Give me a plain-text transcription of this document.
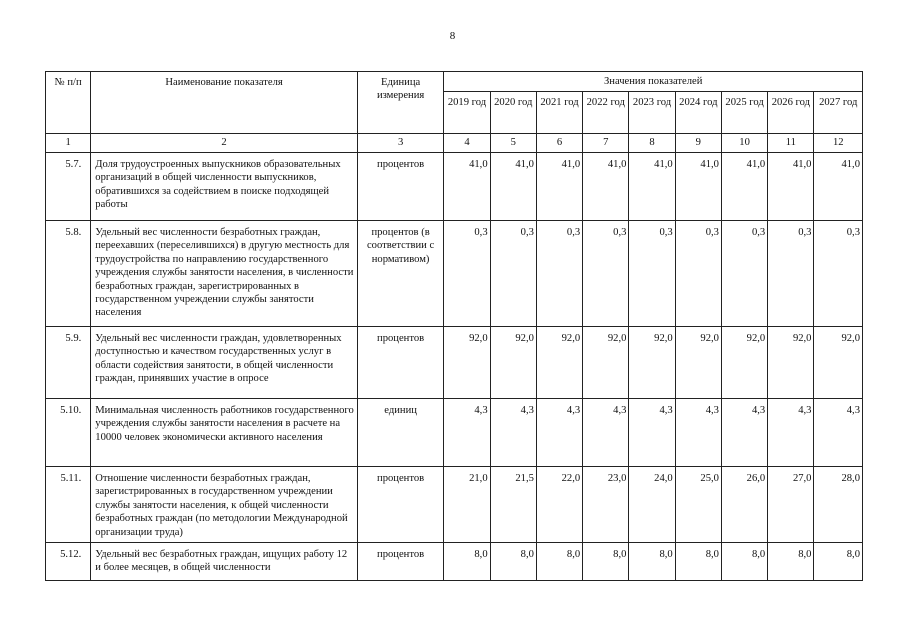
8
№ п/п	Наименование показателя	Единица измерения	Значения показателей								
			2019 год	2020 год	2021 год	2022 год	2023 год	2024 год	2025 год	2026 год	2027 год
1	2	3	4	5	6	7	8	9	10	11	12
5.7.	Доля трудоустроенных выпускников образовательных организаций в общей численности выпускников, обратившихся за содействием в поиске подходящей работы	процентов	41,0	41,0	41,0	41,0	41,0	41,0	41,0	41,0	41,0
5.8.	Удельный вес численности безработных граждан, переехавших (переселившихся) в другую местность для трудоустройства по направлению государственного учреждения службы занятости населения, в численности безработных граждан, зарегистрированных в государственном учреждении службы занятости населения	процентов (в соответствии с нормативом)	0,3	0,3	0,3	0,3	0,3	0,3	0,3	0,3	0,3
5.9.	Удельный вес численности граждан, удовлетворенных доступностью и качеством государственных услуг в области содействия занятости, в общей численности граждан, принявших участие в опросе	процентов	92,0	92,0	92,0	92,0	92,0	92,0	92,0	92,0	92,0
5.10.	Минимальная численность работников государственного учреждения службы занятости населения в расчете на 10000 человек экономически активного населения	единиц	4,3	4,3	4,3	4,3	4,3	4,3	4,3	4,3	4,3
5.11.	Отношение численности безработных граждан, зарегистрированных в государственном учреждении службы занятости населения, к общей численности безработных граждан (по методологии Международной организации труда)	процентов	21,0	21,5	22,0	23,0	24,0	25,0	26,0	27,0	28,0
5.12.	Удельный вес безработных граждан, ищущих работу 12 и более месяцев, в общей численности	процентов	8,0	8,0	8,0	8,0	8,0	8,0	8,0	8,0	8,0
